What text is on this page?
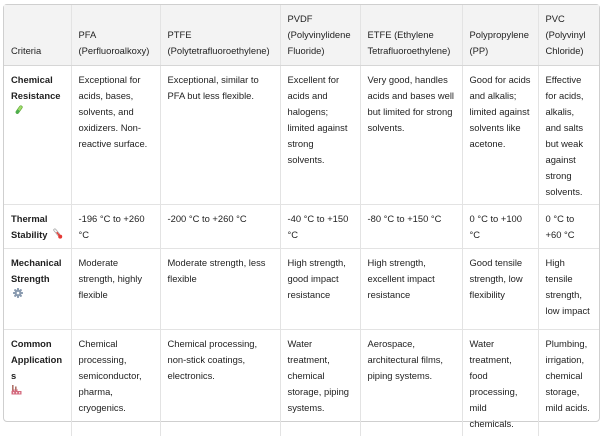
Criteria	PFA (Perfluoroalkoxy)	PTFE (Polytetrafluoroethylene)	PVDF (Polyvinylidene Fluoride)	ETFE (Ethylene Tetrafluoroethylene)	Polypropylene (PP)	PVC (Polyvinyl Chloride)
Chemical Resistance	Exceptional for acids, bases, solvents, and oxidizers. Non-reactive surface.	Exceptional, similar to PFA but less flexible.	Excellent for acids and halogens; limited against strong solvents.	Very good, handles acids and bases well but limited for strong solvents.	Good for acids and alkalis; limited against solvents like acetone.	Effective for acids, alkalis, and salts but weak against strong solvents.
Thermal Stability	-196 °C to +260 °C	-200 °C to +260 °C	-40 °C to +150 °C	-80 °C to +150 °C	0 °C to +100 °C	0 °C to +60 °C
Mechanical Strength	Moderate strength, highly flexible	Moderate strength, less flexible	High strength, good impact resistance	High strength, excellent impact resistance	Good tensile strength, low flexibility	High tensile strength, low impact
Common Applications	Chemical processing, semiconductor, pharma, cryogenics.	Chemical processing, non-stick coatings, electronics.	Water treatment, chemical storage, piping systems.	Aerospace, architectural films, piping systems.	Water treatment, food processing, mild chemicals.	Plumbing, irrigation, chemical storage, mild acids.
